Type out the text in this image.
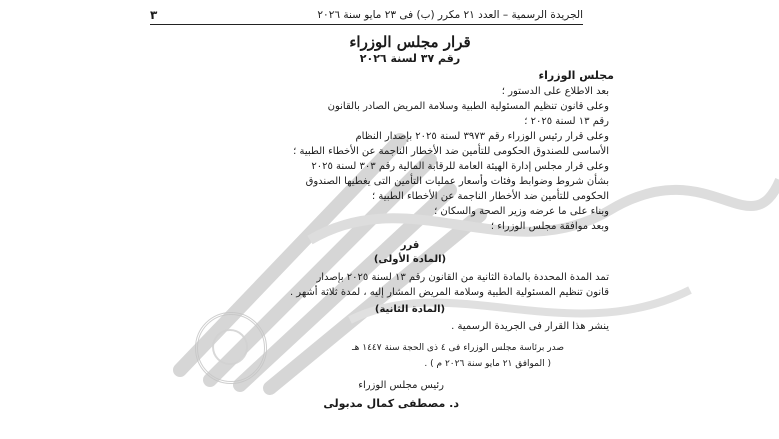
الجريدة الرسمية – العدد ٢١ مكرر (ب) فى ٢٣ مايو سنة ٢٠٢٦
٣
قرار مجلس الوزراء
رقم ٣٧ لسنة ٢٠٢٦
مجلس الوزراء
بعد الاطلاع على الدستور ؛
وعلى قانون تنظيم المسئولية الطبية وسلامة المريض الصادر بالقانون
رقم ١٣ لسنة ٢٠٢٥ ؛
وعلى قرار رئيس الوزراء رقم ٣٩٧٣ لسنة ٢٠٢٥ بإصدار النظام
الأساسى للصندوق الحكومى للتأمين ضد الأخطار الناجمة عن الأخطاء الطبية ؛
وعلى قرار مجلس إدارة الهيئة العامة للرقابة المالية رقم ٣٠٣ لسنة ٢٠٢٥
بشأن شروط وضوابط وفئات وأسعار عمليات التأمين التى يغطيها الصندوق
الحكومى للتأمين ضد الأخطار الناجمة عن الأخطاء الطبية ؛
وبناء على ما عرضه وزير الصحة والسكان ؛
وبعد موافقة مجلس الوزراء ؛
قرر
(المادة الأولى)
تمد المدة المحددة بالمادة الثانية من القانون رقم ١٣ لسنة ٢٠٢٥ بإصدار
قانون تنظيم المسئولية الطبية وسلامة المريض المشار إليه ، لمدة ثلاثة أشهر .
(المادة الثانية)
ينشر هذا القرار فى الجريدة الرسمية .
صدر برئاسة مجلس الوزراء فى ٤ ذى الحجة سنة ١٤٤٧ هـ
( الموافق ٢١ مايو سنة ٢٠٢٦ م ) .
رئيس مجلس الوزراء
د. مصطفى كمال مدبولى
